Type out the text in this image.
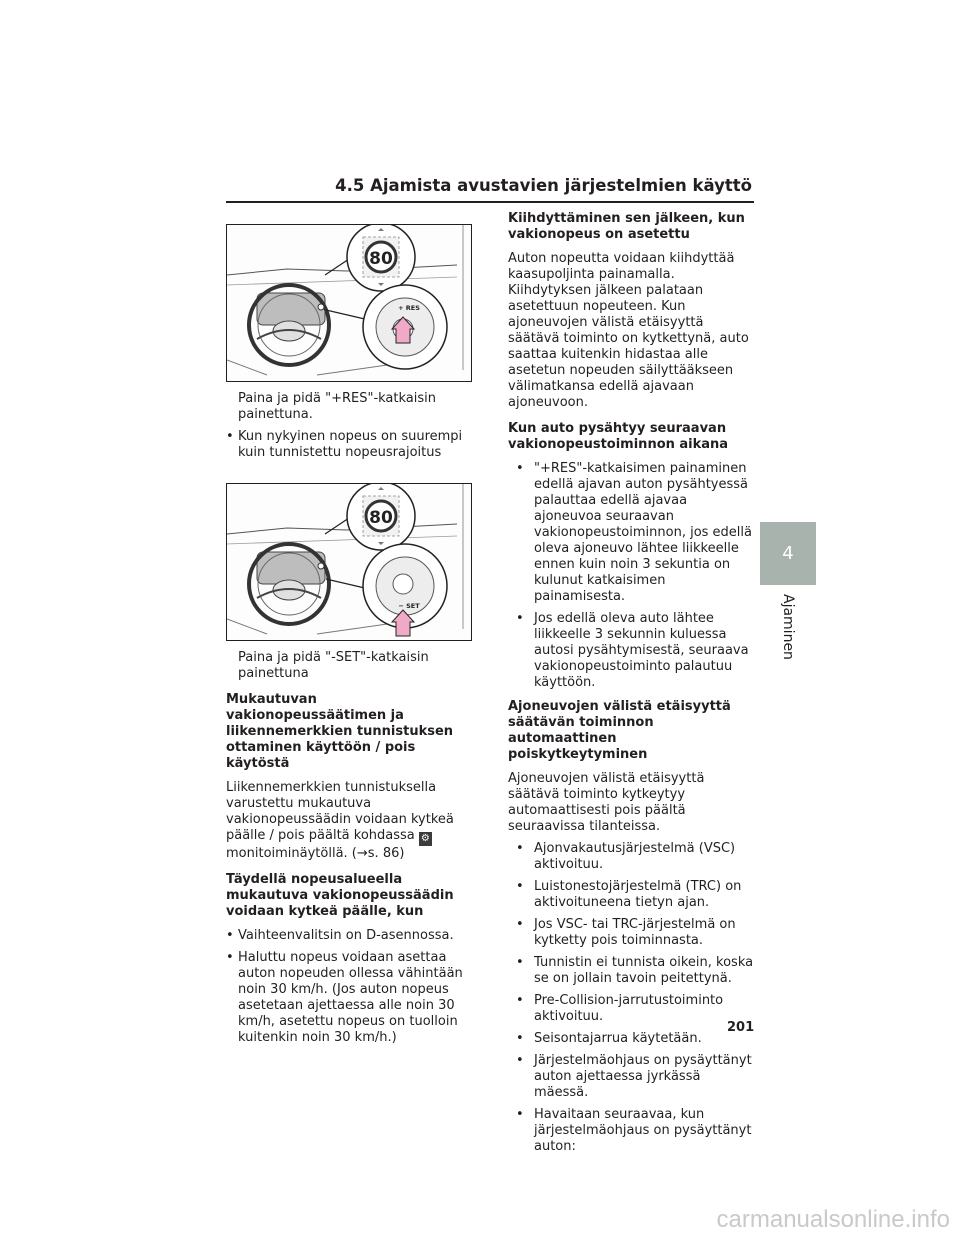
4.5 Ajamista avustavien järjestelmien käyttö
4
Ajaminen
80
+ RES
Paina ja pidä "+RES"-katkaisin painettuna.
• Kun nykyinen nopeus on suurempi kuin tunnistettu nopeusrajoitus
80
− SET
Paina ja pidä "-SET"-katkaisin painettuna
Mukautuvan vakionopeussäätimen ja liikennemerkkien tunnistuksen ottaminen käyttöön / pois käytöstä
Liikennemerkkien tunnistuksella varustettu mukautuva vakionopeussäädin voidaan kytkeä päälle / pois päältä kohdassa ⚙
monitoiminäytöllä. (→s. 86)
Täydellä nopeusalueella mukautuva vakionopeussäädin voidaan kytkeä päälle, kun
• Vaihteenvalitsin on D-asennossa.
• Haluttu nopeus voidaan asettaa auton nopeuden ollessa vähintään noin 30 km/h. (Jos auton nopeus asetetaan ajettaessa alle noin 30 km/h, asetettu nopeus on tuolloin kuitenkin noin 30 km/h.)
Kiihdyttäminen sen jälkeen, kun vakionopeus on asetettu
Auton nopeutta voidaan kiihdyttää kaasupoljinta painamalla. Kiihdytyksen jälkeen palataan asetettuun nopeuteen. Kun ajoneuvojen välistä etäisyyttä säätävä toiminto on kytkettynä, auto saattaa kuitenkin hidastaa alle asetetun nopeuden säilyttääkseen välimatkansa edellä ajavaan ajoneuvoon.
Kun auto pysähtyy seuraavan vakionopeustoiminnon aikana
• "+RES"-katkaisimen painaminen edellä ajavan auton pysähtyessä palauttaa edellä ajavaa ajoneuvoa seuraavan vakionopeustoiminnon, jos edellä oleva ajoneuvo lähtee liikkeelle ennen kuin noin 3 sekuntia on kulunut katkaisimen painamisesta.
• Jos edellä oleva auto lähtee liikkeelle 3 sekunnin kuluessa autosi pysähtymisestä, seuraava vakionopeustoiminto palautuu käyttöön.
Ajoneuvojen välistä etäisyyttä säätävän toiminnon automaattinen poiskytkeytyminen
Ajoneuvojen välistä etäisyyttä säätävä toiminto kytkeytyy automaattisesti pois päältä seuraavissa tilanteissa.
• Ajonvakautusjärjestelmä (VSC) aktivoituu.
• Luistonestojärjestelmä (TRC) on aktivoituneena tietyn ajan.
• Jos VSC- tai TRC-järjestelmä on kytketty pois toiminnasta.
• Tunnistin ei tunnista oikein, koska se on jollain tavoin peitettynä.
• Pre-Collision-jarrutustoiminto aktivoituu.
• Seisontajarrua käytetään.
• Järjestelmäohjaus on pysäyttänyt auton ajettaessa jyrkässä mäessä.
• Havaitaan seuraavaa, kun järjestelmäohjaus on pysäyttänyt auton:
201
carmanualsonline.info
